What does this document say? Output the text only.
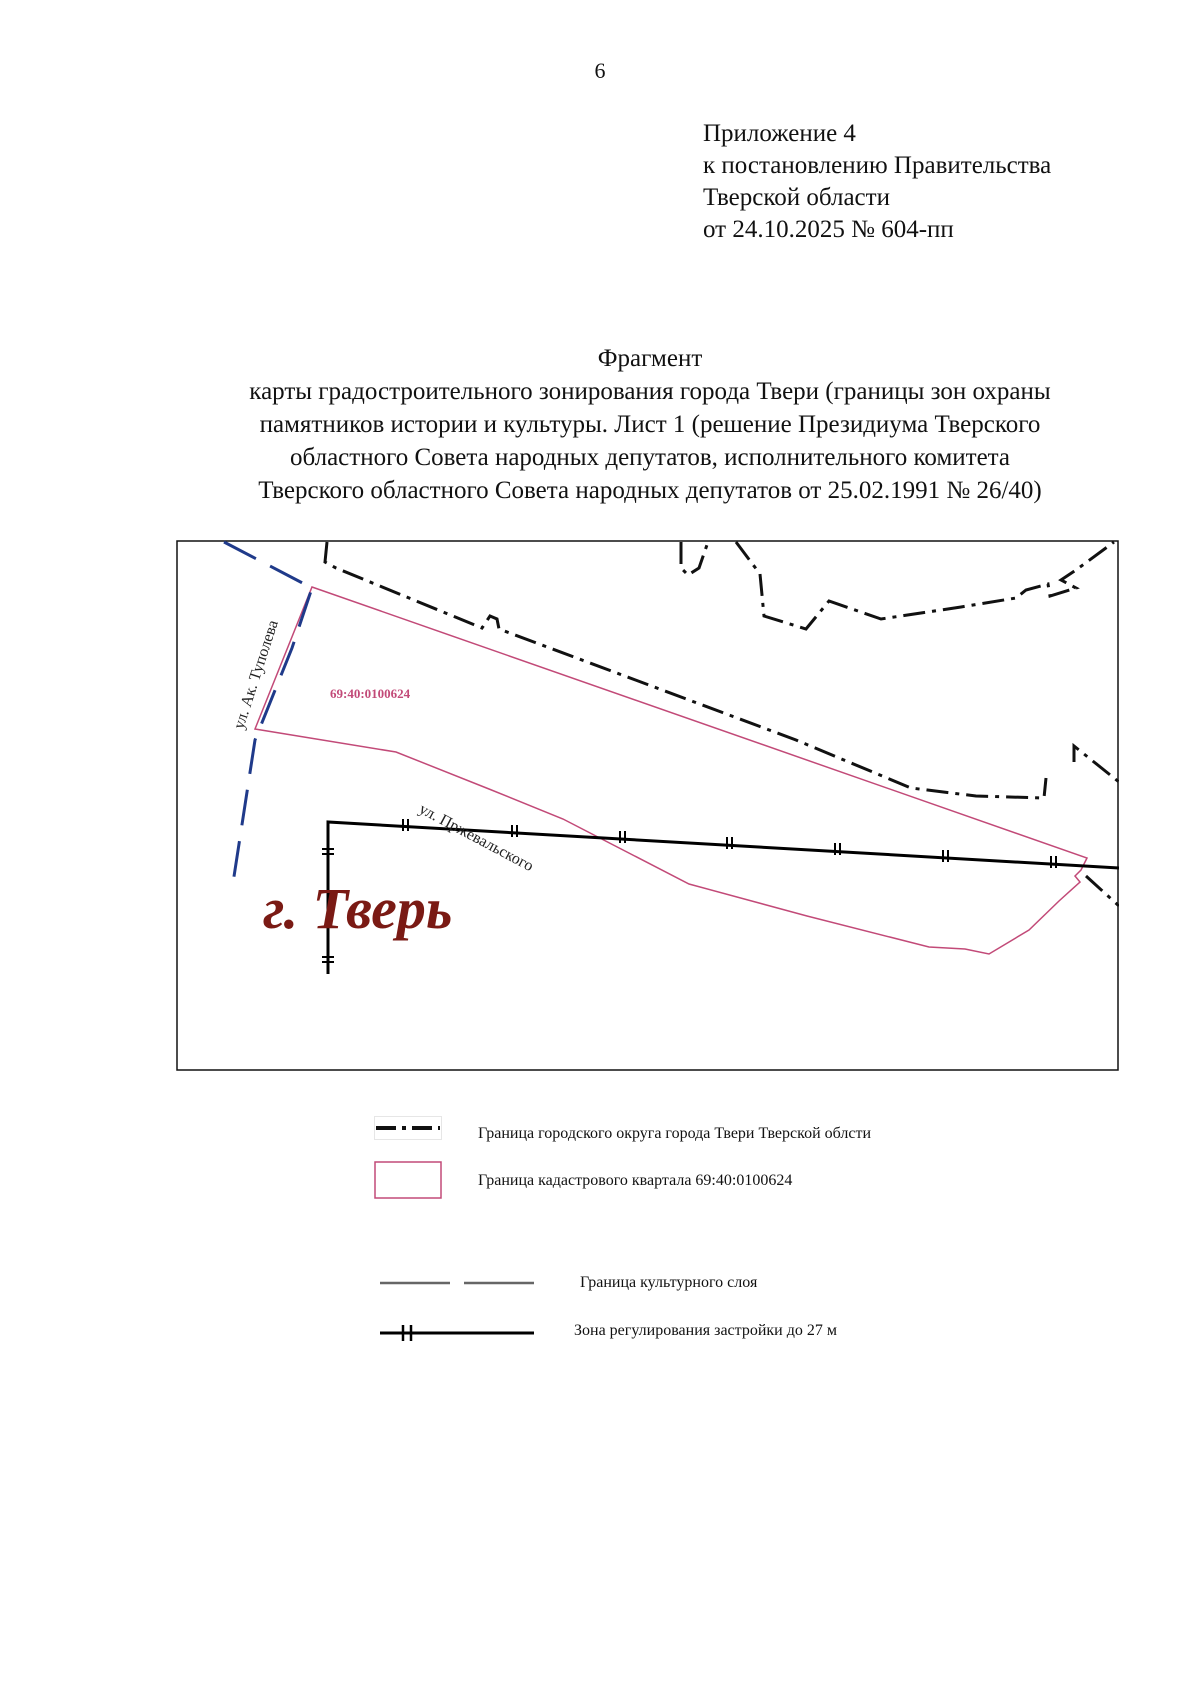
6
Приложение 4
к постановлению Правительства
Тверской области
от 24.10.2025 № 604-пп
Фрагмент
карты градостроительного зонирования города Твери (границы зон охраны
памятников истории и культуры. Лист 1 (решение Президиума Тверского
областного Совета народных депутатов, исполнительного комитета
Тверского областного Совета народных депутатов от 25.02.1991 № 26/40)
ул. Ак. Туполева
ул. Пржевальского
69:40:0100624
г. Тверь
Граница городского округа города Твери Тверской облсти
Граница кадастрового квартала 69:40:0100624
Граница культурного слоя
Зона регулирования застройки до 27 м
